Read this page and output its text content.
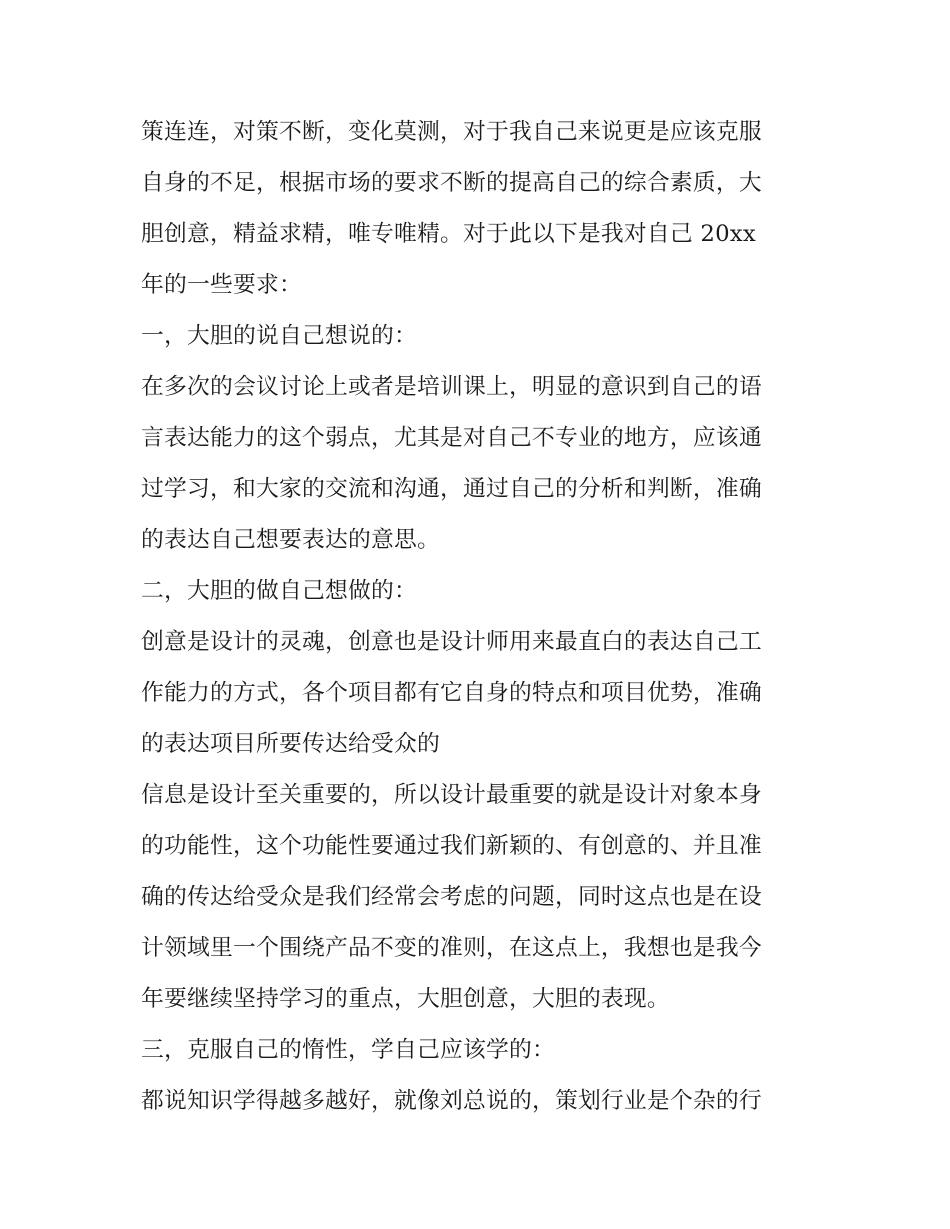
策连连，对策不断，变化莫测，对于我自己来说更是应该克服
自身的不足，根据市场的要求不断的提高自己的综合素质，大
胆创意，精益求精，唯专唯精。对于此以下是我对自己 20xx
年的一些要求：
一，大胆的说自己想说的：
在多次的会议讨论上或者是培训课上，明显的意识到自己的语
言表达能力的这个弱点，尤其是对自己不专业的地方，应该通
过学习，和大家的交流和沟通，通过自己的分析和判断，准确
的表达自己想要表达的意思。
二，大胆的做自己想做的：
创意是设计的灵魂，创意也是设计师用来最直白的表达自己工
作能力的方式，各个项目都有它自身的特点和项目优势，准确
的表达项目所要传达给受众的
信息是设计至关重要的，所以设计最重要的就是设计对象本身
的功能性，这个功能性要通过我们新颖的、有创意的、并且准
确的传达给受众是我们经常会考虑的问题，同时这点也是在设
计领域里一个围绕产品不变的准则，在这点上，我想也是我今
年要继续坚持学习的重点，大胆创意，大胆的表现。
三，克服自己的惰性，学自己应该学的：
都说知识学得越多越好，就像刘总说的，策划行业是个杂的行
